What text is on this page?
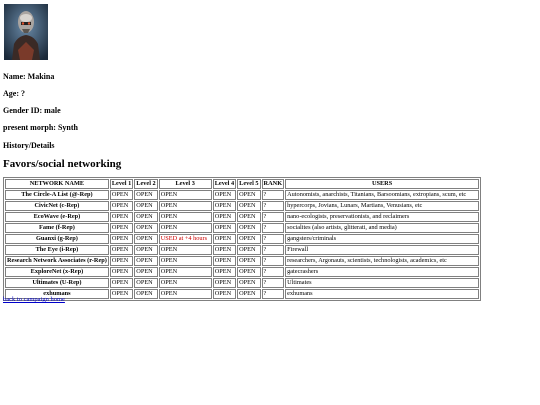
Name: Makina

Age: ?

Gender ID: male

present morph: Synth

History/Details

Favors/social networking
NETWORK NAME	Level 1	Level 2	Level 3	Level 4	Level 5	RANK	USERS
The Circle-A List (@-Rep)	OPEN	OPEN	OPEN	OPEN	OPEN	?	Autonomists, anarchists, Titanians, Barsoomians, extropians, scum, etc
CivicNet (c-Rep)	OPEN	OPEN	OPEN	OPEN	OPEN	?	hypercorps, Jovians, Lunars, Martians, Venusians, etc
EcoWave (e-Rep)	OPEN	OPEN	OPEN	OPEN	OPEN	?	nano-ecologists, preservationists, and reclaimers
Fame (f-Rep)	OPEN	OPEN	OPEN	OPEN	OPEN	?	socialites (also artists, glitterati, and media)
Guanxi (g-Rep)	OPEN	OPEN	USED at +4 hours	OPEN	OPEN	?	gangsters/criminals
The Eye (i-Rep)	OPEN	OPEN	OPEN	OPEN	OPEN	?	Firewall
Research Network Associates (r-Rep)	OPEN	OPEN	OPEN	OPEN	OPEN	?	researchers, Argonauts, scientists, technologists, academics, etc
ExploreNet (x-Rep)	OPEN	OPEN	OPEN	OPEN	OPEN	?	gatecrashers
Ultimates (U-Rep)	OPEN	OPEN	OPEN	OPEN	OPEN	?	Ultimates
exhumans	OPEN	OPEN	OPEN	OPEN	OPEN	?	exhumans
back to campaign home
